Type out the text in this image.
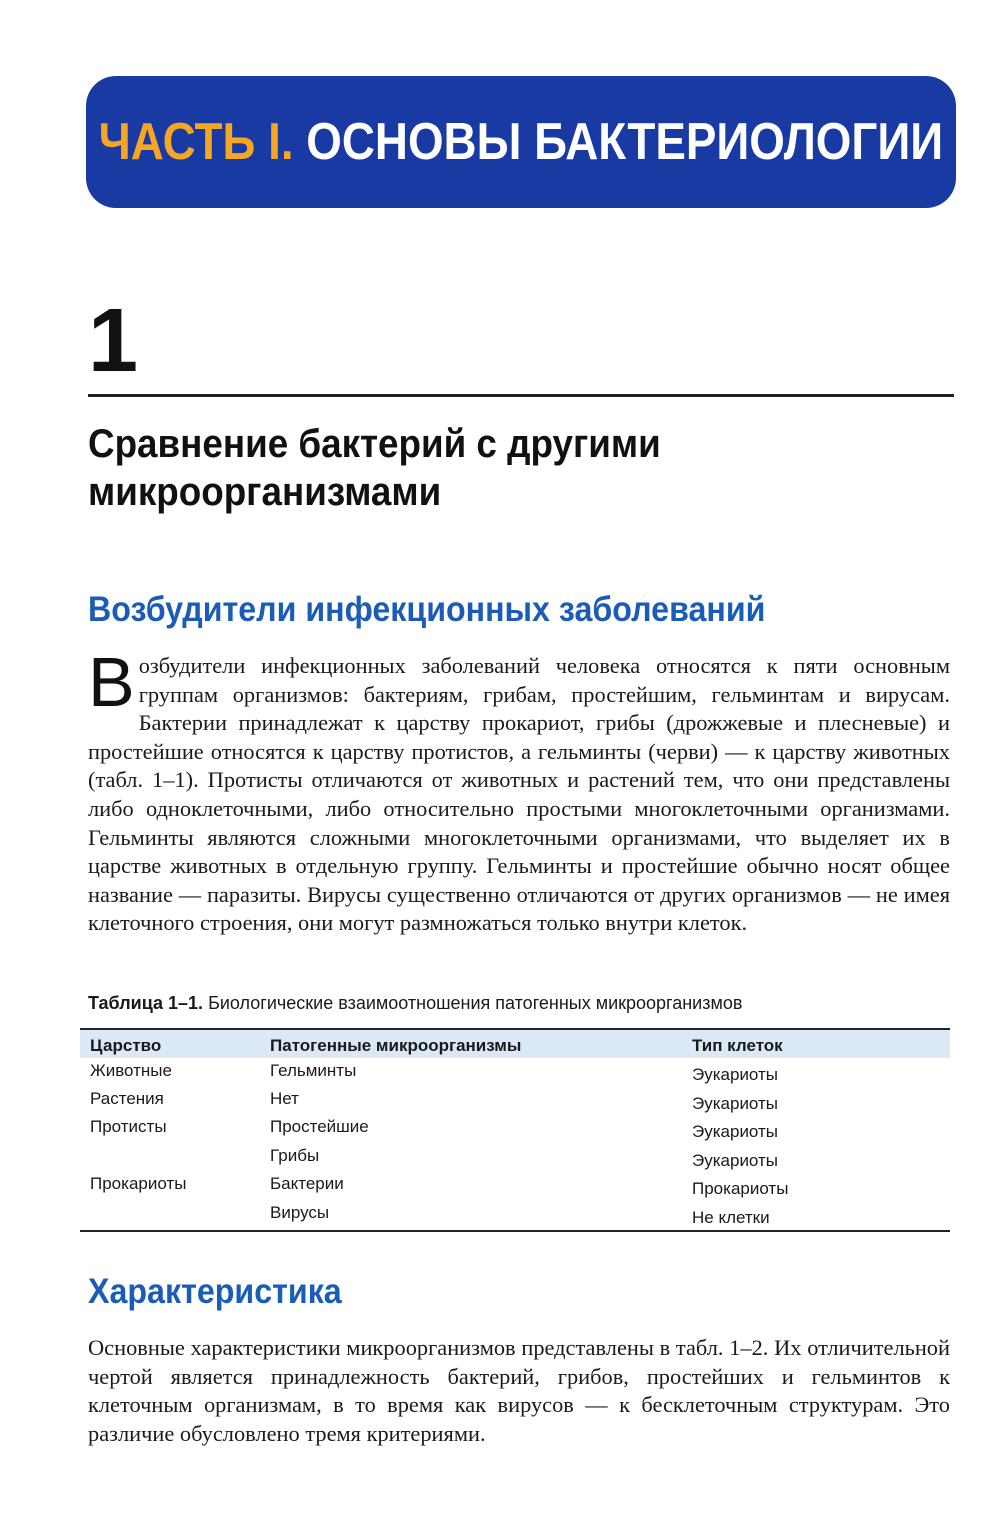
ЧАСТЬ I. ОСНОВЫ БАКТЕРИОЛОГИИ
1
Сравнение бактерий с другими
микроорганизмами
Возбудители инфекционных заболеваний

Возбудители инфекционных заболеваний человека относятся к пяти основным группам организмов: бактериям, грибам, простейшим, гельминтам и вирусам. Бактерии принадлежат к царству прокариот, грибы (дрожжевые и плесневые) и простейшие относятся к царству протистов, а гельминты (черви) — к царству животных (табл. 1–1). Протисты отличаются от животных и растений тем, что они представлены либо одноклеточными, либо относительно простыми многоклеточными организмами. Гельминты являются сложными многоклеточными организмами, что выделяет их в царстве животных в отдельную группу. Гельминты и простейшие обычно носят общее название — паразиты. Вирусы существенно отличаются от других организмов — не имея клеточного строения, они могут размножаться только внутри клеток.

Таблица 1–1. Биологические взаимоотношения патогенных микроорганизмов
Царство	Патогенные микроорганизмы	Тип клеток
Животные
Растения
Протисты
Прокариоты
Гельминты
Нет
Простейшие
Грибы
Бактерии
Вирусы
Эукариоты
Эукариоты
Эукариоты
Эукариоты
Прокариоты
Не клетки
Характеристика

Основные характеристики микроорганизмов представлены в табл. 1–2. Их отличительной чертой является принадлежность бактерий, грибов, простейших и гельминтов к клеточным организмам, в то время как вирусов — к бесклеточным структурам. Это различие обусловлено тремя критериями.
